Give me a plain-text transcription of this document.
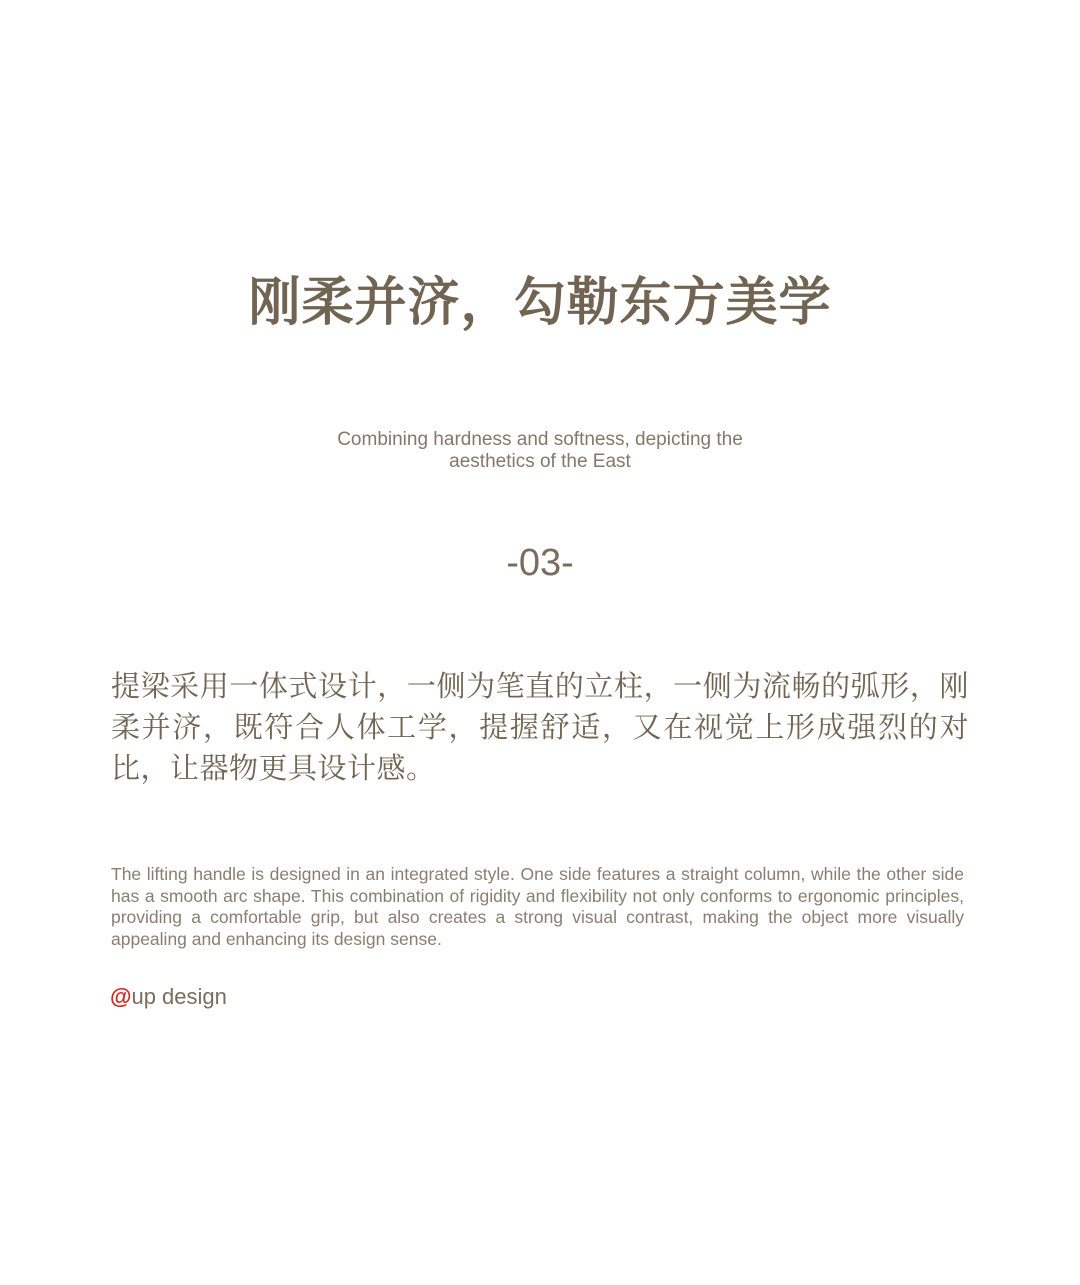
刚柔并济，勾勒东方美学

Combining hardness and softness, depicting the aesthetics of the East

-03-

提梁采用一体式设计，一侧为笔直的立柱，一侧为流畅的弧形，刚柔并济，既符合人体工学，提握舒适，又在视觉上形成强烈的对比，让器物更具设计感。

The lifting handle is designed in an integrated style. One side features a straight column, while the other side has a smooth arc shape. This combination of rigidity and flexibility not only conforms to ergonomic principles, providing a comfortable grip, but also creates a strong visual contrast, making the object more visually appealing and enhancing its design sense.

@up design
